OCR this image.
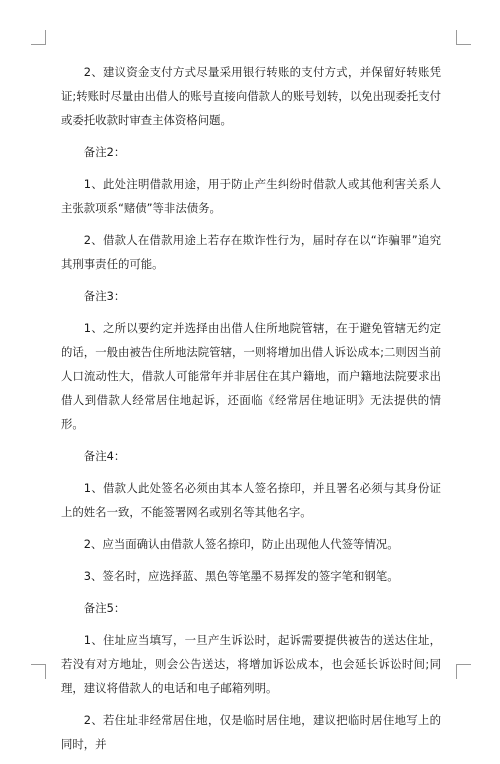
2、建议资金支付方式尽量采用银行转账的支付方式，并保留好转账凭证;转账时尽量由出借人的账号直接向借款人的账号划转，以免出现委托支付或委托收款时审查主体资格问题。

备注2：

1、此处注明借款用途，用于防止产生纠纷时借款人或其他利害关系人主张款项系“赌债”等非法债务。

2、借款人在借款用途上若存在欺诈性行为，届时存在以“诈骗罪”追究其刑事责任的可能。

备注3：

1、之所以要约定并选择由出借人住所地院管辖，在于避免管辖无约定的话，一般由被告住所地法院管辖，一则将增加出借人诉讼成本;二则因当前人口流动性大，借款人可能常年并非居住在其户籍地，而户籍地法院要求出借人到借款人经常居住地起诉，还面临《经常居住地证明》无法提供的情形。

备注4：

1、借款人此处签名必须由其本人签名捺印，并且署名必须与其身份证上的姓名一致，不能签署网名或别名等其他名字。

2、应当面确认由借款人签名捺印，防止出现他人代签等情况。

3、签名时，应选择蓝、黑色等笔墨不易挥发的签字笔和钢笔。

备注5：

1、住址应当填写，一旦产生诉讼时，起诉需要提供被告的送达住址，若没有对方地址，则会公告送达，将增加诉讼成本，也会延长诉讼时间;同理，建议将借款人的电话和电子邮箱列明。

2、若住址非经常居住地，仅是临时居住地，建议把临时居住地写上的同时，并
